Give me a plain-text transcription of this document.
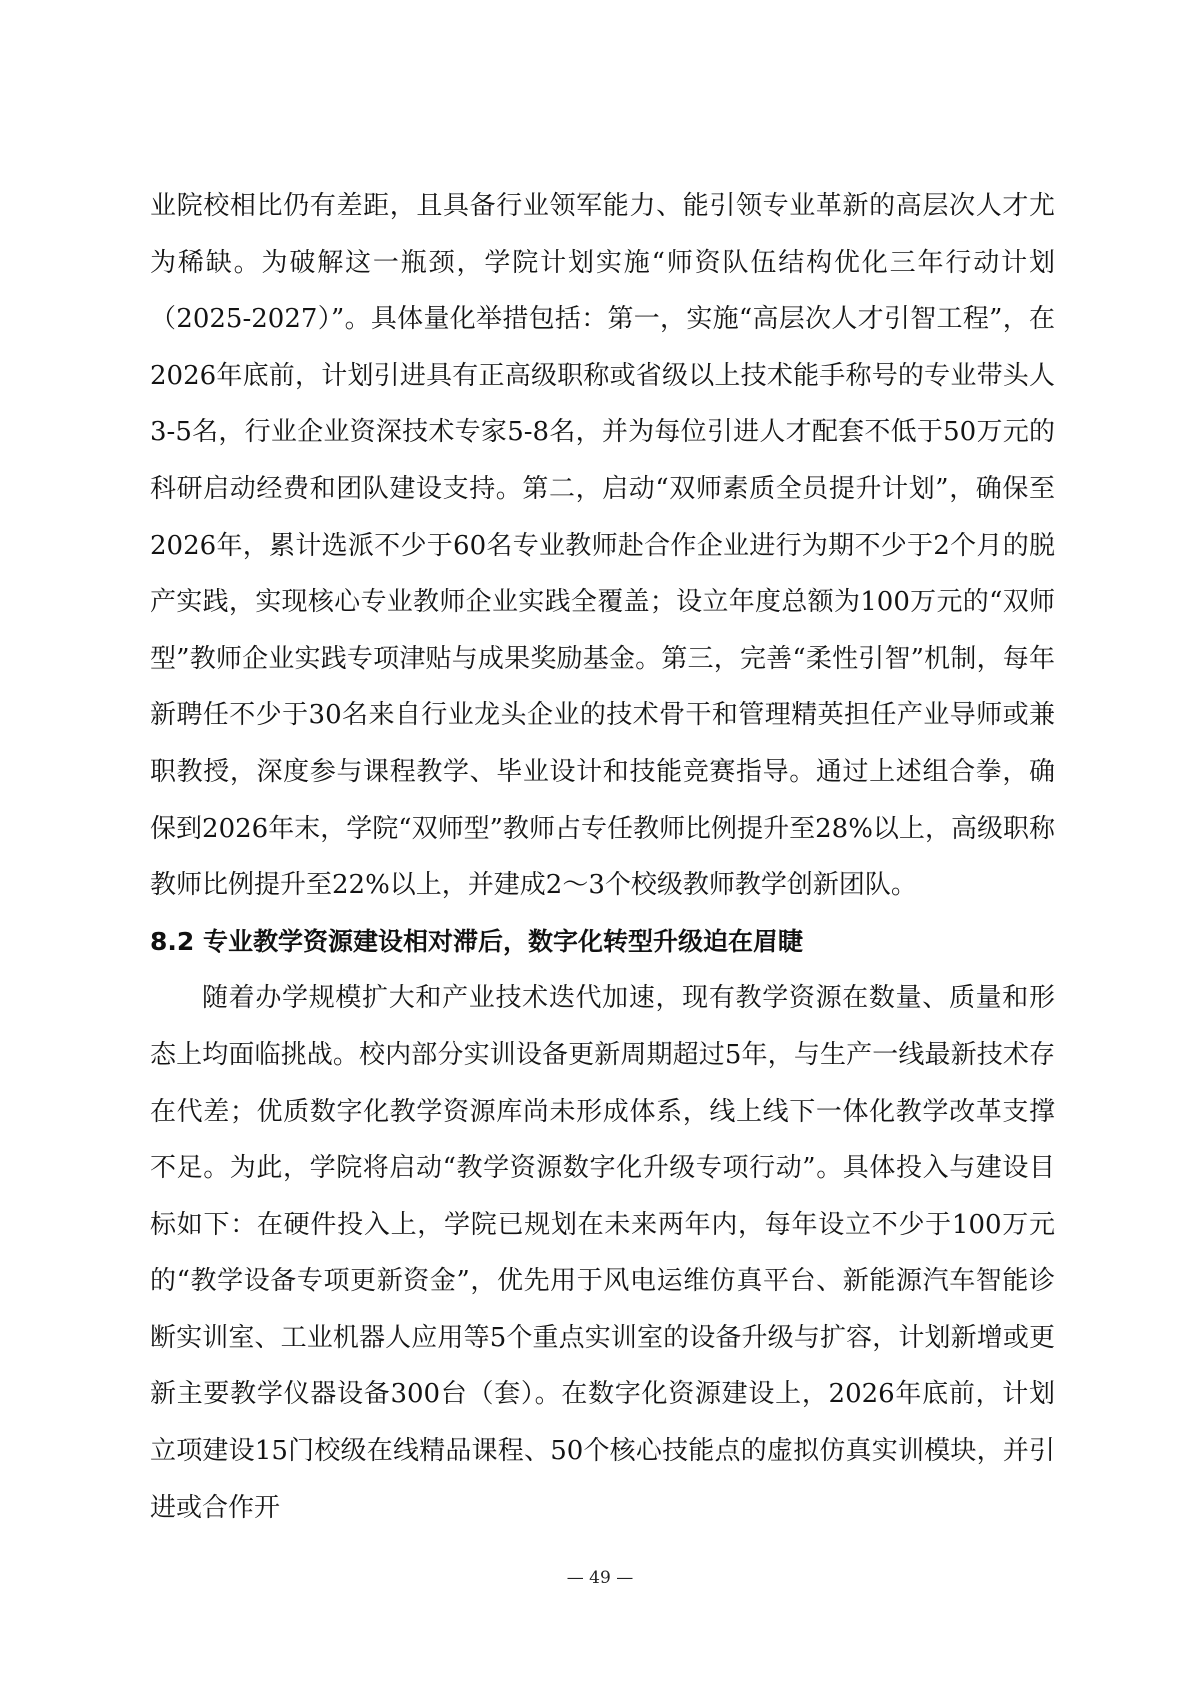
业院校相比仍有差距，且具备行业领军能力、能引领专业革新的高层次人才尤为稀缺。为破解这一瓶颈，学院计划实施“师资队伍结构优化三年行动计划（2025-2027）”。具体量化举措包括：第一，实施“高层次人才引智工程”，在2026年底前，计划引进具有正高级职称或省级以上技术能手称号的专业带头人3-5名，行业企业资深技术专家5-8名，并为每位引进人才配套不低于50万元的科研启动经费和团队建设支持。第二，启动“双师素质全员提升计划”，确保至2026年，累计选派不少于60名专业教师赴合作企业进行为期不少于2个月的脱产实践，实现核心专业教师企业实践全覆盖；设立年度总额为100万元的“双师型”教师企业实践专项津贴与成果奖励基金。第三，完善“柔性引智”机制，每年新聘任不少于30名来自行业龙头企业的技术骨干和管理精英担任产业导师或兼职教授，深度参与课程教学、毕业设计和技能竞赛指导。通过上述组合拳，确保到2026年末，学院“双师型”教师占专任教师比例提升至28%以上，高级职称教师比例提升至22%以上，并建成2～3个校级教师教学创新团队。

8.2 专业教学资源建设相对滞后，数字化转型升级迫在眉睫

随着办学规模扩大和产业技术迭代加速，现有教学资源在数量、质量和形态上均面临挑战。校内部分实训设备更新周期超过5年，与生产一线最新技术存在代差；优质数字化教学资源库尚未形成体系，线上线下一体化教学改革支撑不足。为此，学院将启动“教学资源数字化升级专项行动”。具体投入与建设目标如下：在硬件投入上，学院已规划在未来两年内，每年设立不少于100万元的“教学设备专项更新资金”，优先用于风电运维仿真平台、新能源汽车智能诊断实训室、工业机器人应用等5个重点实训室的设备升级与扩容，计划新增或更新主要教学仪器设备300台（套）。在数字化资源建设上，2026年底前，计划立项建设15门校级在线精品课程、50个核心技能点的虚拟仿真实训模块，并引进或合作开

— 49 —
